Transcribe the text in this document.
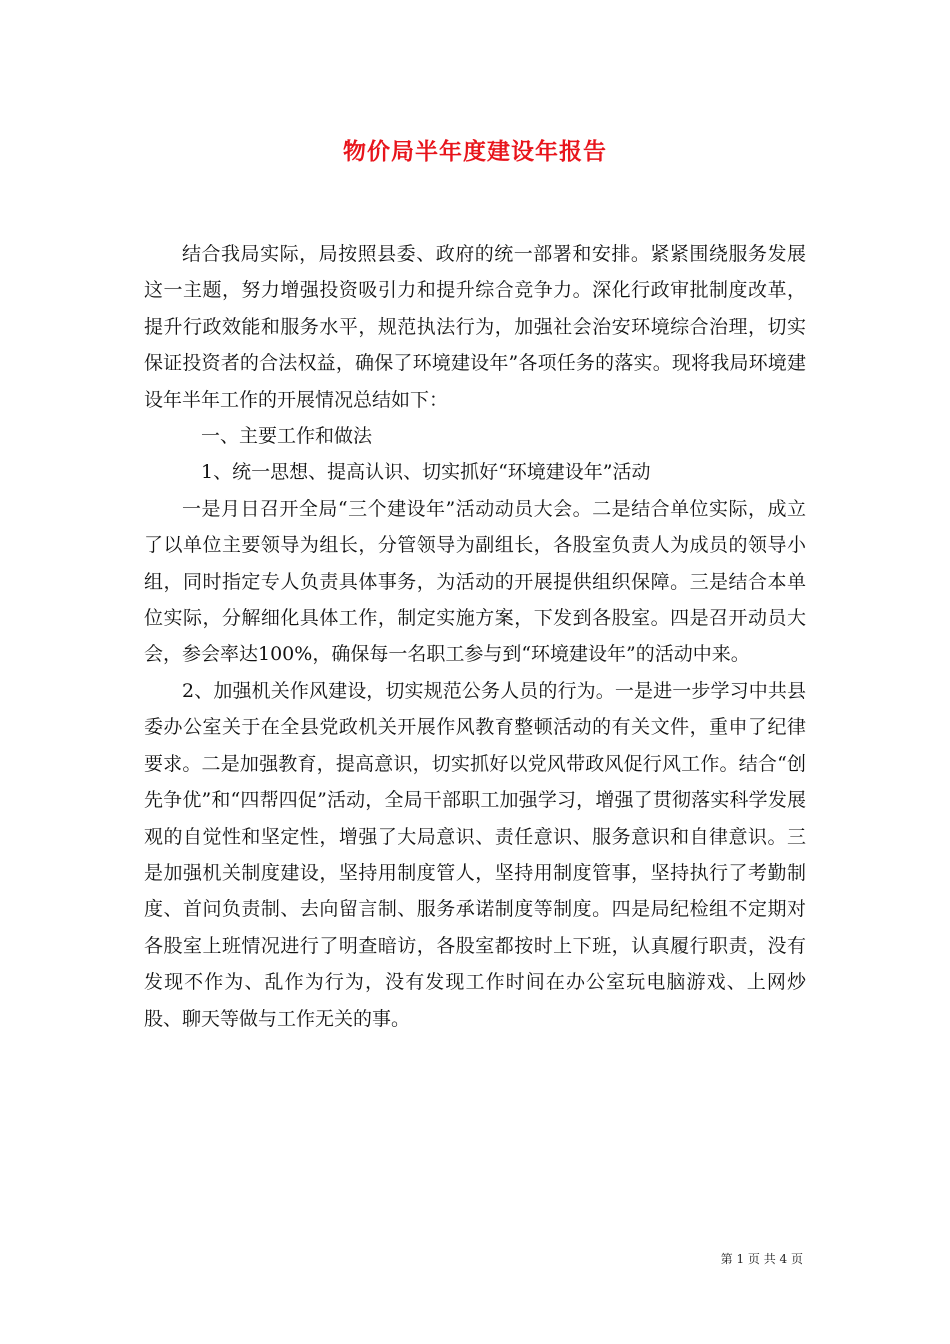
物价局半年度建设年报告

结合我局实际，局按照县委、政府的统一部署和安排。紧紧围绕服务发展这一主题，努力增强投资吸引力和提升综合竞争力。深化行政审批制度改革，提升行政效能和服务水平，规范执法行为，加强社会治安环境综合治理，切实保证投资者的合法权益，确保了环境建设年”各项任务的落实。现将我局环境建设年半年工作的开展情况总结如下：

一、主要工作和做法

1、统一思想、提高认识、切实抓好“环境建设年”活动

一是月日召开全局“三个建设年”活动动员大会。二是结合单位实际，成立了以单位主要领导为组长，分管领导为副组长，各股室负责人为成员的领导小组，同时指定专人负责具体事务，为活动的开展提供组织保障。三是结合本单位实际，分解细化具体工作，制定实施方案，下发到各股室。四是召开动员大会，参会率达100%，确保每一名职工参与到“环境建设年”的活动中来。

2、加强机关作风建设，切实规范公务人员的行为。一是进一步学习中共县委办公室关于在全县党政机关开展作风教育整顿活动的有关文件，重申了纪律要求。二是加强教育，提高意识，切实抓好以党风带政风促行风工作。结合“创先争优”和“四帮四促”活动，全局干部职工加强学习，增强了贯彻落实科学发展观的自觉性和坚定性，增强了大局意识、责任意识、服务意识和自律意识。三是加强机关制度建设，坚持用制度管人，坚持用制度管事，坚持执行了考勤制度、首问负责制、去向留言制、服务承诺制度等制度。四是局纪检组不定期对各股室上班情况进行了明查暗访，各股室都按时上下班，认真履行职责，没有发现不作为、乱作为行为，没有发现工作时间在办公室玩电脑游戏、上网炒股、聊天等做与工作无关的事。

第 1 页 共 4 页
